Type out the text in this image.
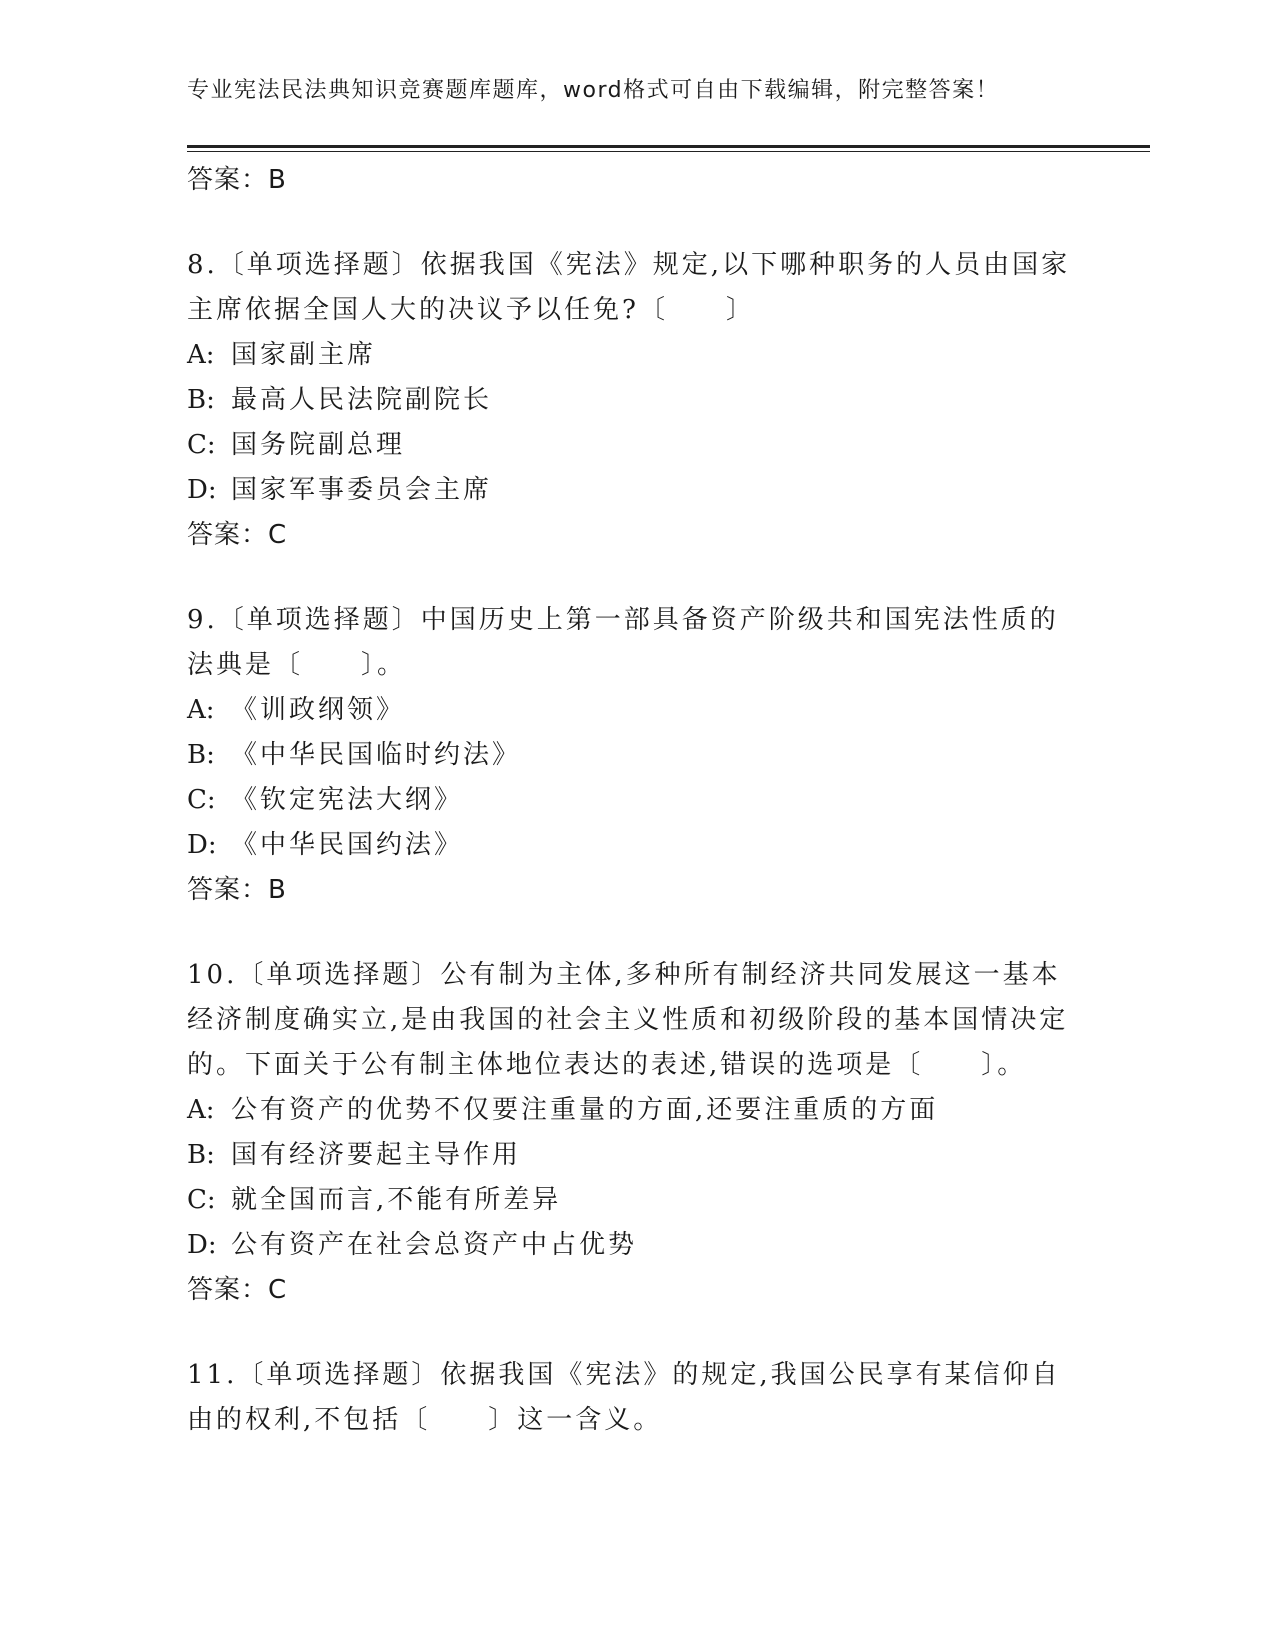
专业宪法民法典知识竞赛题库题库，word格式可自由下载编辑，附完整答案！
答案：B
8.〔单项选择题〕依据我国《宪法》规定,以下哪种职务的人员由国家
主席依据全国人大的决议予以任免?〔　　〕
A: 国家副主席
B: 最高人民法院副院长
C: 国务院副总理
D: 国家军事委员会主席
答案：C
9.〔单项选择题〕中国历史上第一部具备资产阶级共和国宪法性质的
法典是〔　　〕。
A: 《训政纲领》
B: 《中华民国临时约法》
C: 《钦定宪法大纲》
D: 《中华民国约法》
答案：B
10.〔单项选择题〕公有制为主体,多种所有制经济共同发展这一基本
经济制度确实立,是由我国的社会主义性质和初级阶段的基本国情决定
的。下面关于公有制主体地位表达的表述,错误的选项是〔　　〕。
A: 公有资产的优势不仅要注重量的方面,还要注重质的方面
B: 国有经济要起主导作用
C: 就全国而言,不能有所差异
D: 公有资产在社会总资产中占优势
答案：C
11.〔单项选择题〕依据我国《宪法》的规定,我国公民享有某信仰自
由的权利,不包括〔　　〕这一含义。
